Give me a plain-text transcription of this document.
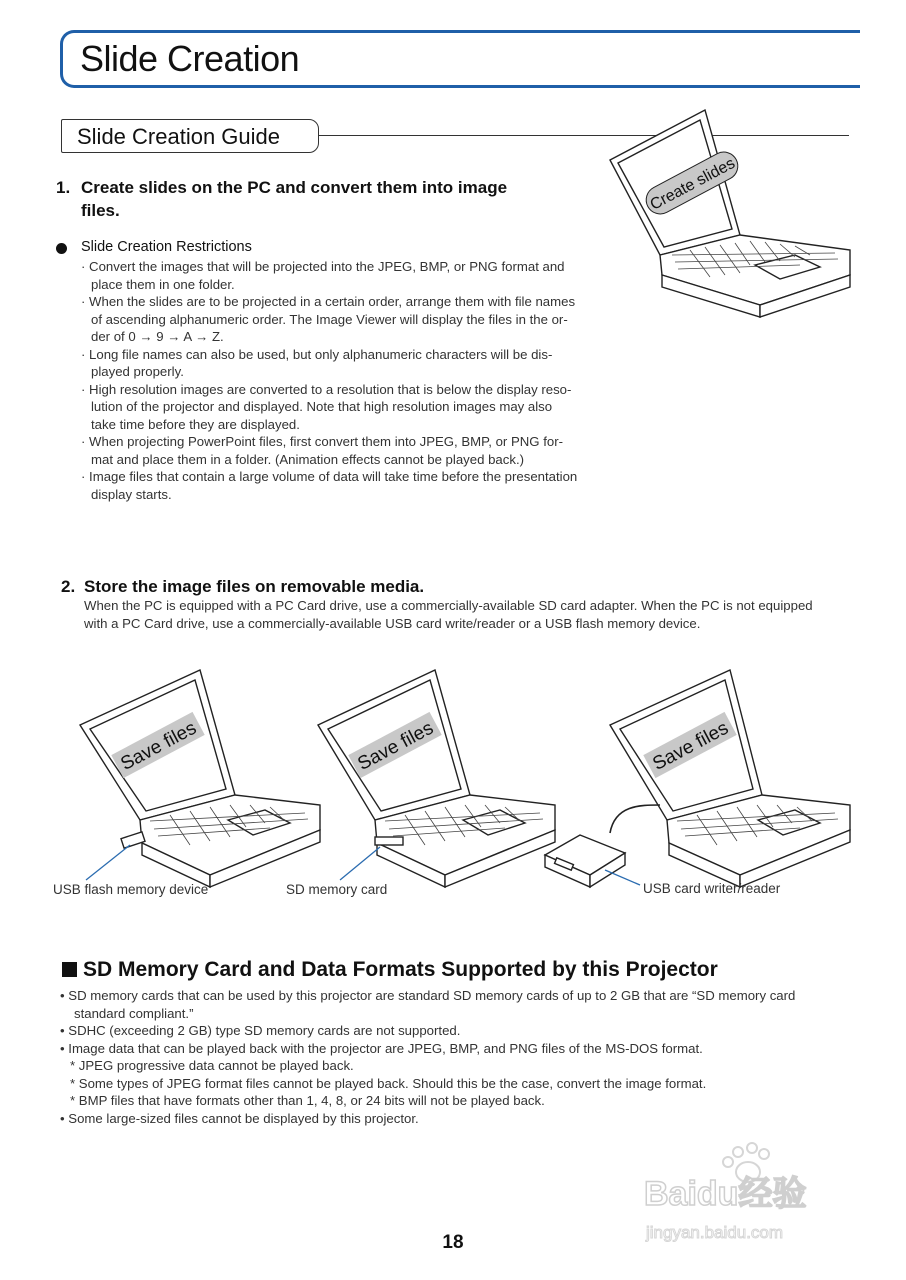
Slide Creation
Slide Creation Guide
1. Create slides on the PC and convert them into image
files.
Slide Creation Restrictions
· Convert the images that will be projected into the JPEG, BMP, or PNG format and
place them in one folder.
· When the slides are to be projected in a certain order, arrange them with file names
of ascending alphanumeric order. The Image Viewer will display the files in the or-
der of 0 → 9 → A → Z.
· Long file names can also be used, but only alphanumeric characters will be dis-
played properly.
· High resolution images are converted to a resolution that is below the display reso-
lution of the projector and displayed. Note that high resolution images may also
take time before they are displayed.
· When projecting PowerPoint files, first convert them into JPEG, BMP, or PNG for-
mat and place them in a folder. (Animation effects cannot be played back.)
· Image files that contain a large volume of data will take time before the presentation
display starts.
Create slides
2. Store the image files on removable media.
When the PC is equipped with a PC Card drive, use a commercially-available SD card adapter. When the PC is not equipped
with a PC Card drive, use a commercially-available USB card write/reader or a USB flash memory device.
Save files	Save files	Save files
USB flash memory device	SD memory card	USB card writer/reader
SD Memory Card and Data Formats Supported by this Projector
• SD memory cards that can be used by this projector are standard SD memory cards of up to 2 GB that are “SD memory card
standard compliant.”
• SDHC (exceeding 2 GB) type SD memory cards are not supported.
• Image data that can be played back with the projector are JPEG, BMP, and PNG files of the MS-DOS format.
* JPEG progressive data cannot be played back.
* Some types of JPEG format files cannot be played back. Should this be the case, convert the image format.
* BMP files that have formats other than 1, 4, 8, or 24 bits will not be played back.
• Some large-sized files cannot be displayed by this projector.
Baidu经验
jingyan.baidu.com
18
